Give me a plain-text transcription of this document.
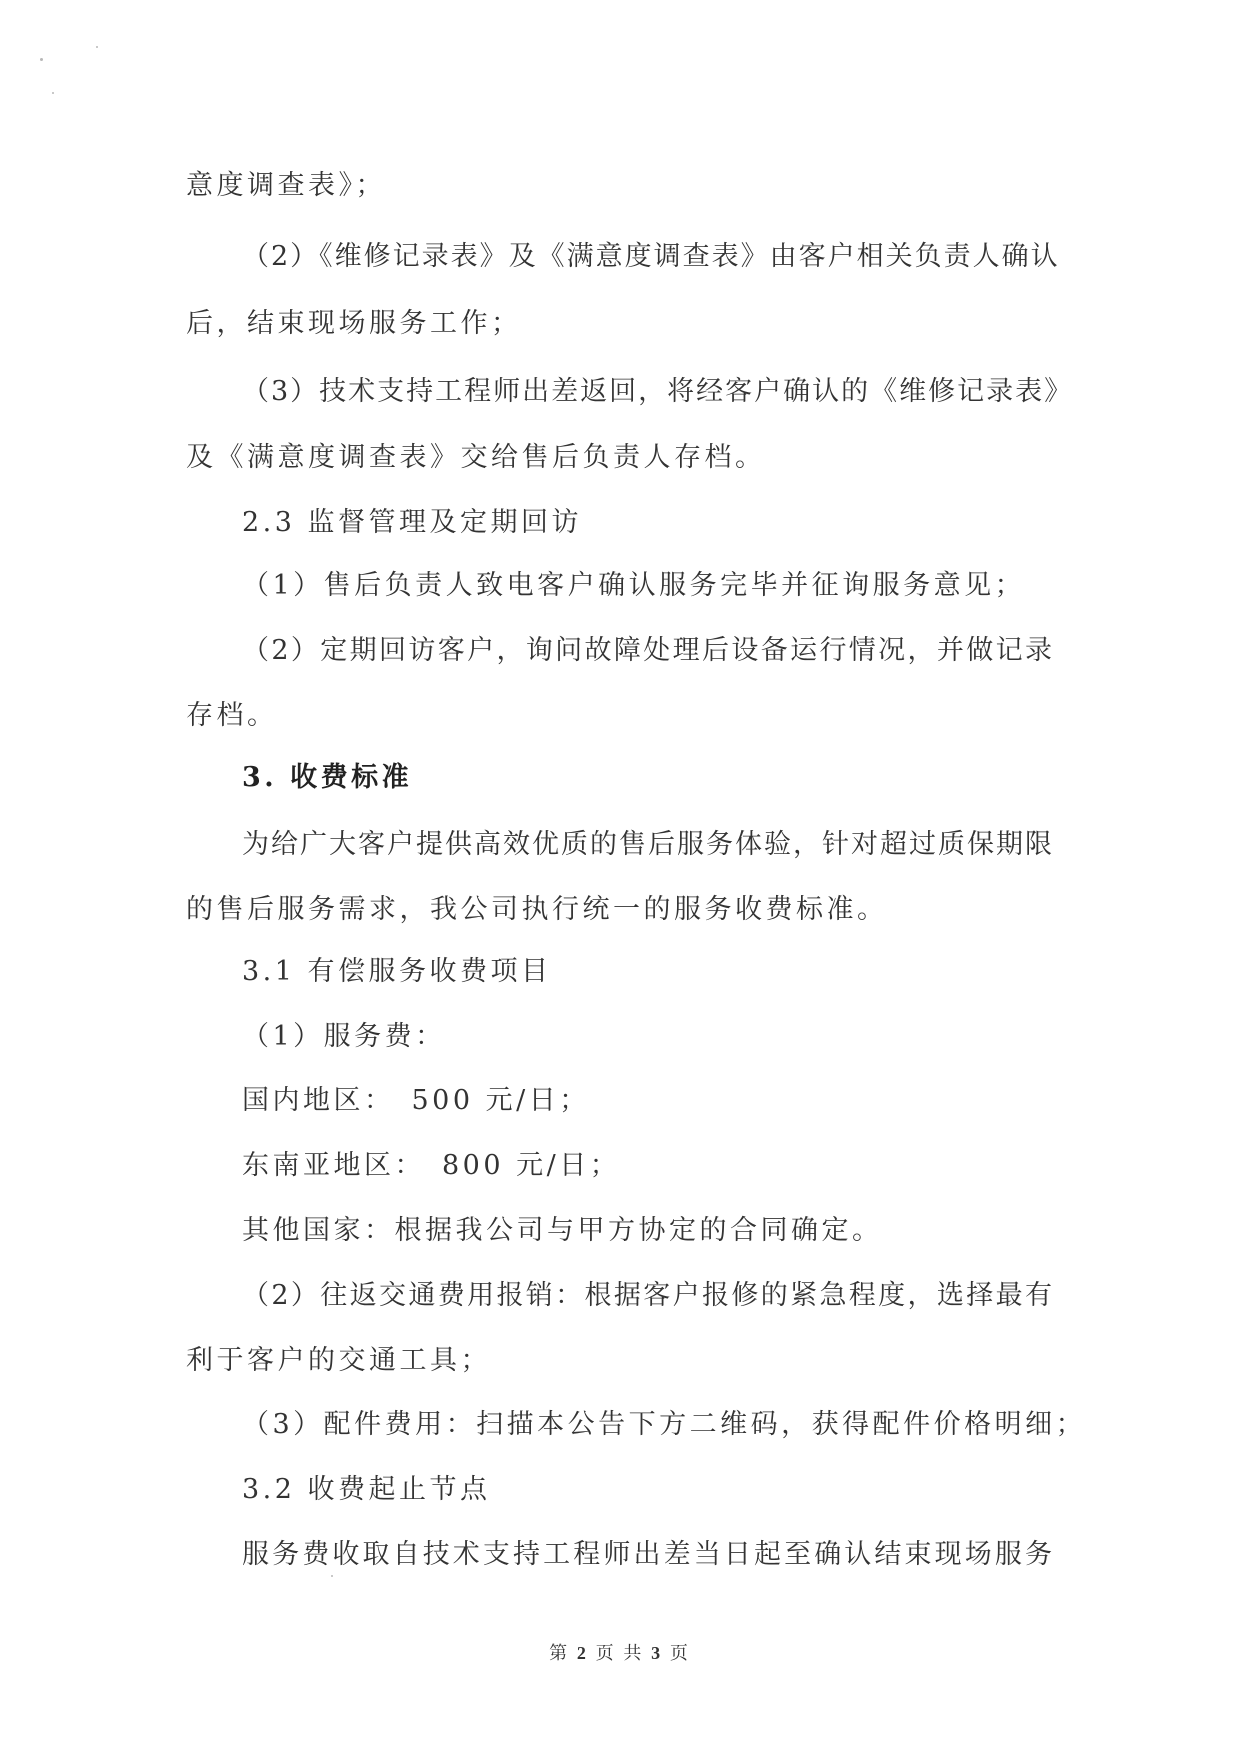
意度调查表》；
（2）《维修记录表》及《满意度调查表》由客户相关负责人确认
后，结束现场服务工作；
（3）技术支持工程师出差返回，将经客户确认的《维修记录表》
及《满意度调查表》交给售后负责人存档。
2.3 监督管理及定期回访
（1）售后负责人致电客户确认服务完毕并征询服务意见；
（2）定期回访客户，询问故障处理后设备运行情况，并做记录
存档。
3. 收费标准
为给广大客户提供高效优质的售后服务体验，针对超过质保期限
的售后服务需求，我公司执行统一的服务收费标准。
3.1 有偿服务收费项目
（1）服务费：
国内地区：　500 元/日；
东南亚地区：　800 元/日；
其他国家：根据我公司与甲方协定的合同确定。
（2）往返交通费用报销：根据客户报修的紧急程度，选择最有
利于客户的交通工具；
（3）配件费用：扫描本公告下方二维码，获得配件价格明细；
3.2 收费起止节点
服务费收取自技术支持工程师出差当日起至确认结束现场服务
第 2 页 共 3 页
